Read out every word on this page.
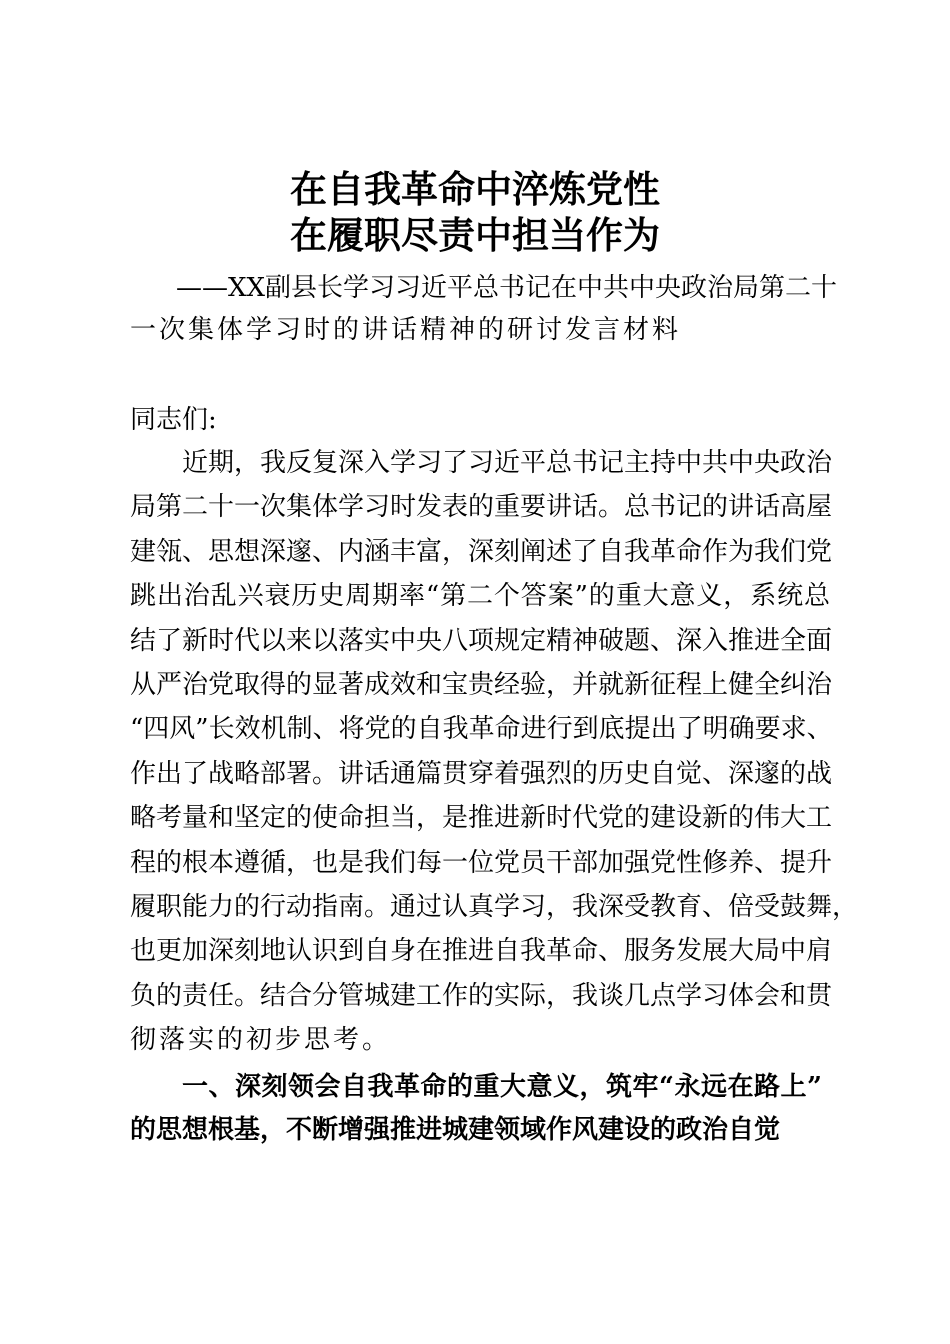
在自我革命中淬炼党性
在履职尽责中担当作为
——XX副县长学习习近平总书记在中共中央政治局第二十
一次集体学习时的讲话精神的研讨发言材料
同志们:
近期，我反复深入学习了习近平总书记主持中共中央政治
局第二十一次集体学习时发表的重要讲话。总书记的讲话高屋
建瓴、思想深邃、内涵丰富，深刻阐述了自我革命作为我们党
跳出治乱兴衰历史周期率“第二个答案”的重大意义，系统总
结了新时代以来以落实中央八项规定精神破题、深入推进全面
从严治党取得的显著成效和宝贵经验，并就新征程上健全纠治
“四风”长效机制、将党的自我革命进行到底提出了明确要求、
作出了战略部署。讲话通篇贯穿着强烈的历史自觉、深邃的战
略考量和坚定的使命担当，是推进新时代党的建设新的伟大工
程的根本遵循，也是我们每一位党员干部加强党性修养、提升
履职能力的行动指南。通过认真学习，我深受教育、倍受鼓舞，
也更加深刻地认识到自身在推进自我革命、服务发展大局中肩
负的责任。结合分管城建工作的实际，我谈几点学习体会和贯
彻落实的初步思考。
一、深刻领会自我革命的重大意义，筑牢“永远在路上”
的思想根基，不断增强推进城建领域作风建设的政治自觉
